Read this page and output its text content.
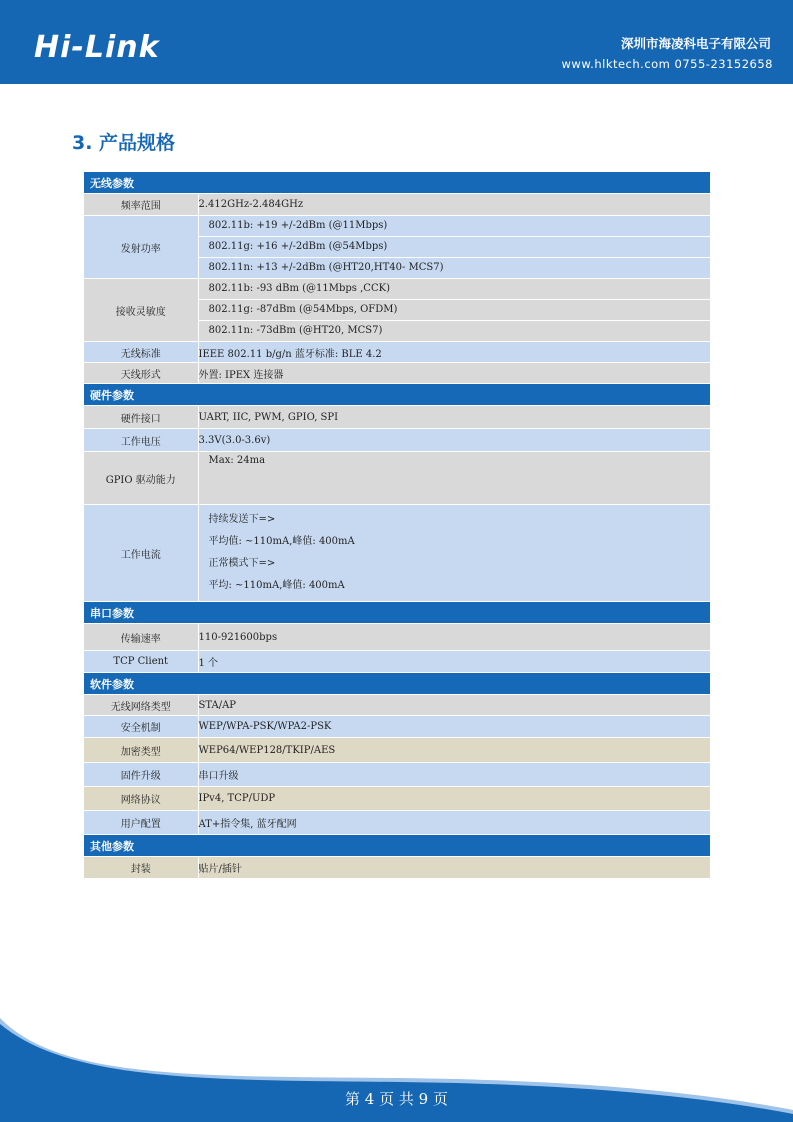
Hi-Link	深圳市海凌科电子有限公司
www.hlktech.com 0755-23152658
3. 产品规格
无线参数	
频率范围	2.412GHz-2.484GHz
发射功率	802.11b: +19 +/-2dBm (@11Mbps)
802.11g: +16 +/-2dBm (@54Mbps)
802.11n: +13 +/-2dBm (@HT20,HT40- MCS7)

接收灵敏度	802.11b: -93 dBm (@11Mbps ,CCK)
802.11g: -87dBm (@54Mbps, OFDM)
802.11n: -73dBm (@HT20, MCS7)

无线标准	IEEE 802.11 b/g/n 蓝牙标准: BLE 4.2
天线形式	外置: IPEX 连接器
硬件参数	
硬件接口	UART, IIC, PWM, GPIO, SPI
工作电压	3.3V(3.0-3.6v)
GPIO 驱动能力	Max: 24ma

工作电流	持续发送下=>
平均值: ~110mA,峰值: 400mA
正常模式下=>
平均: ~110mA,峰值: 400mA

串口参数	
传输速率	110-921600bps
TCP Client	1 个
软件参数	
无线网络类型	STA/AP
安全机制	WEP/WPA-PSK/WPA2-PSK
加密类型	WEP64/WEP128/TKIP/AES
固件升级	串口升级
网络协议	IPv4, TCP/UDP
用户配置	AT+指令集, 蓝牙配网
其他参数	
封装	贴片/插针
第 4 页 共 9 页
